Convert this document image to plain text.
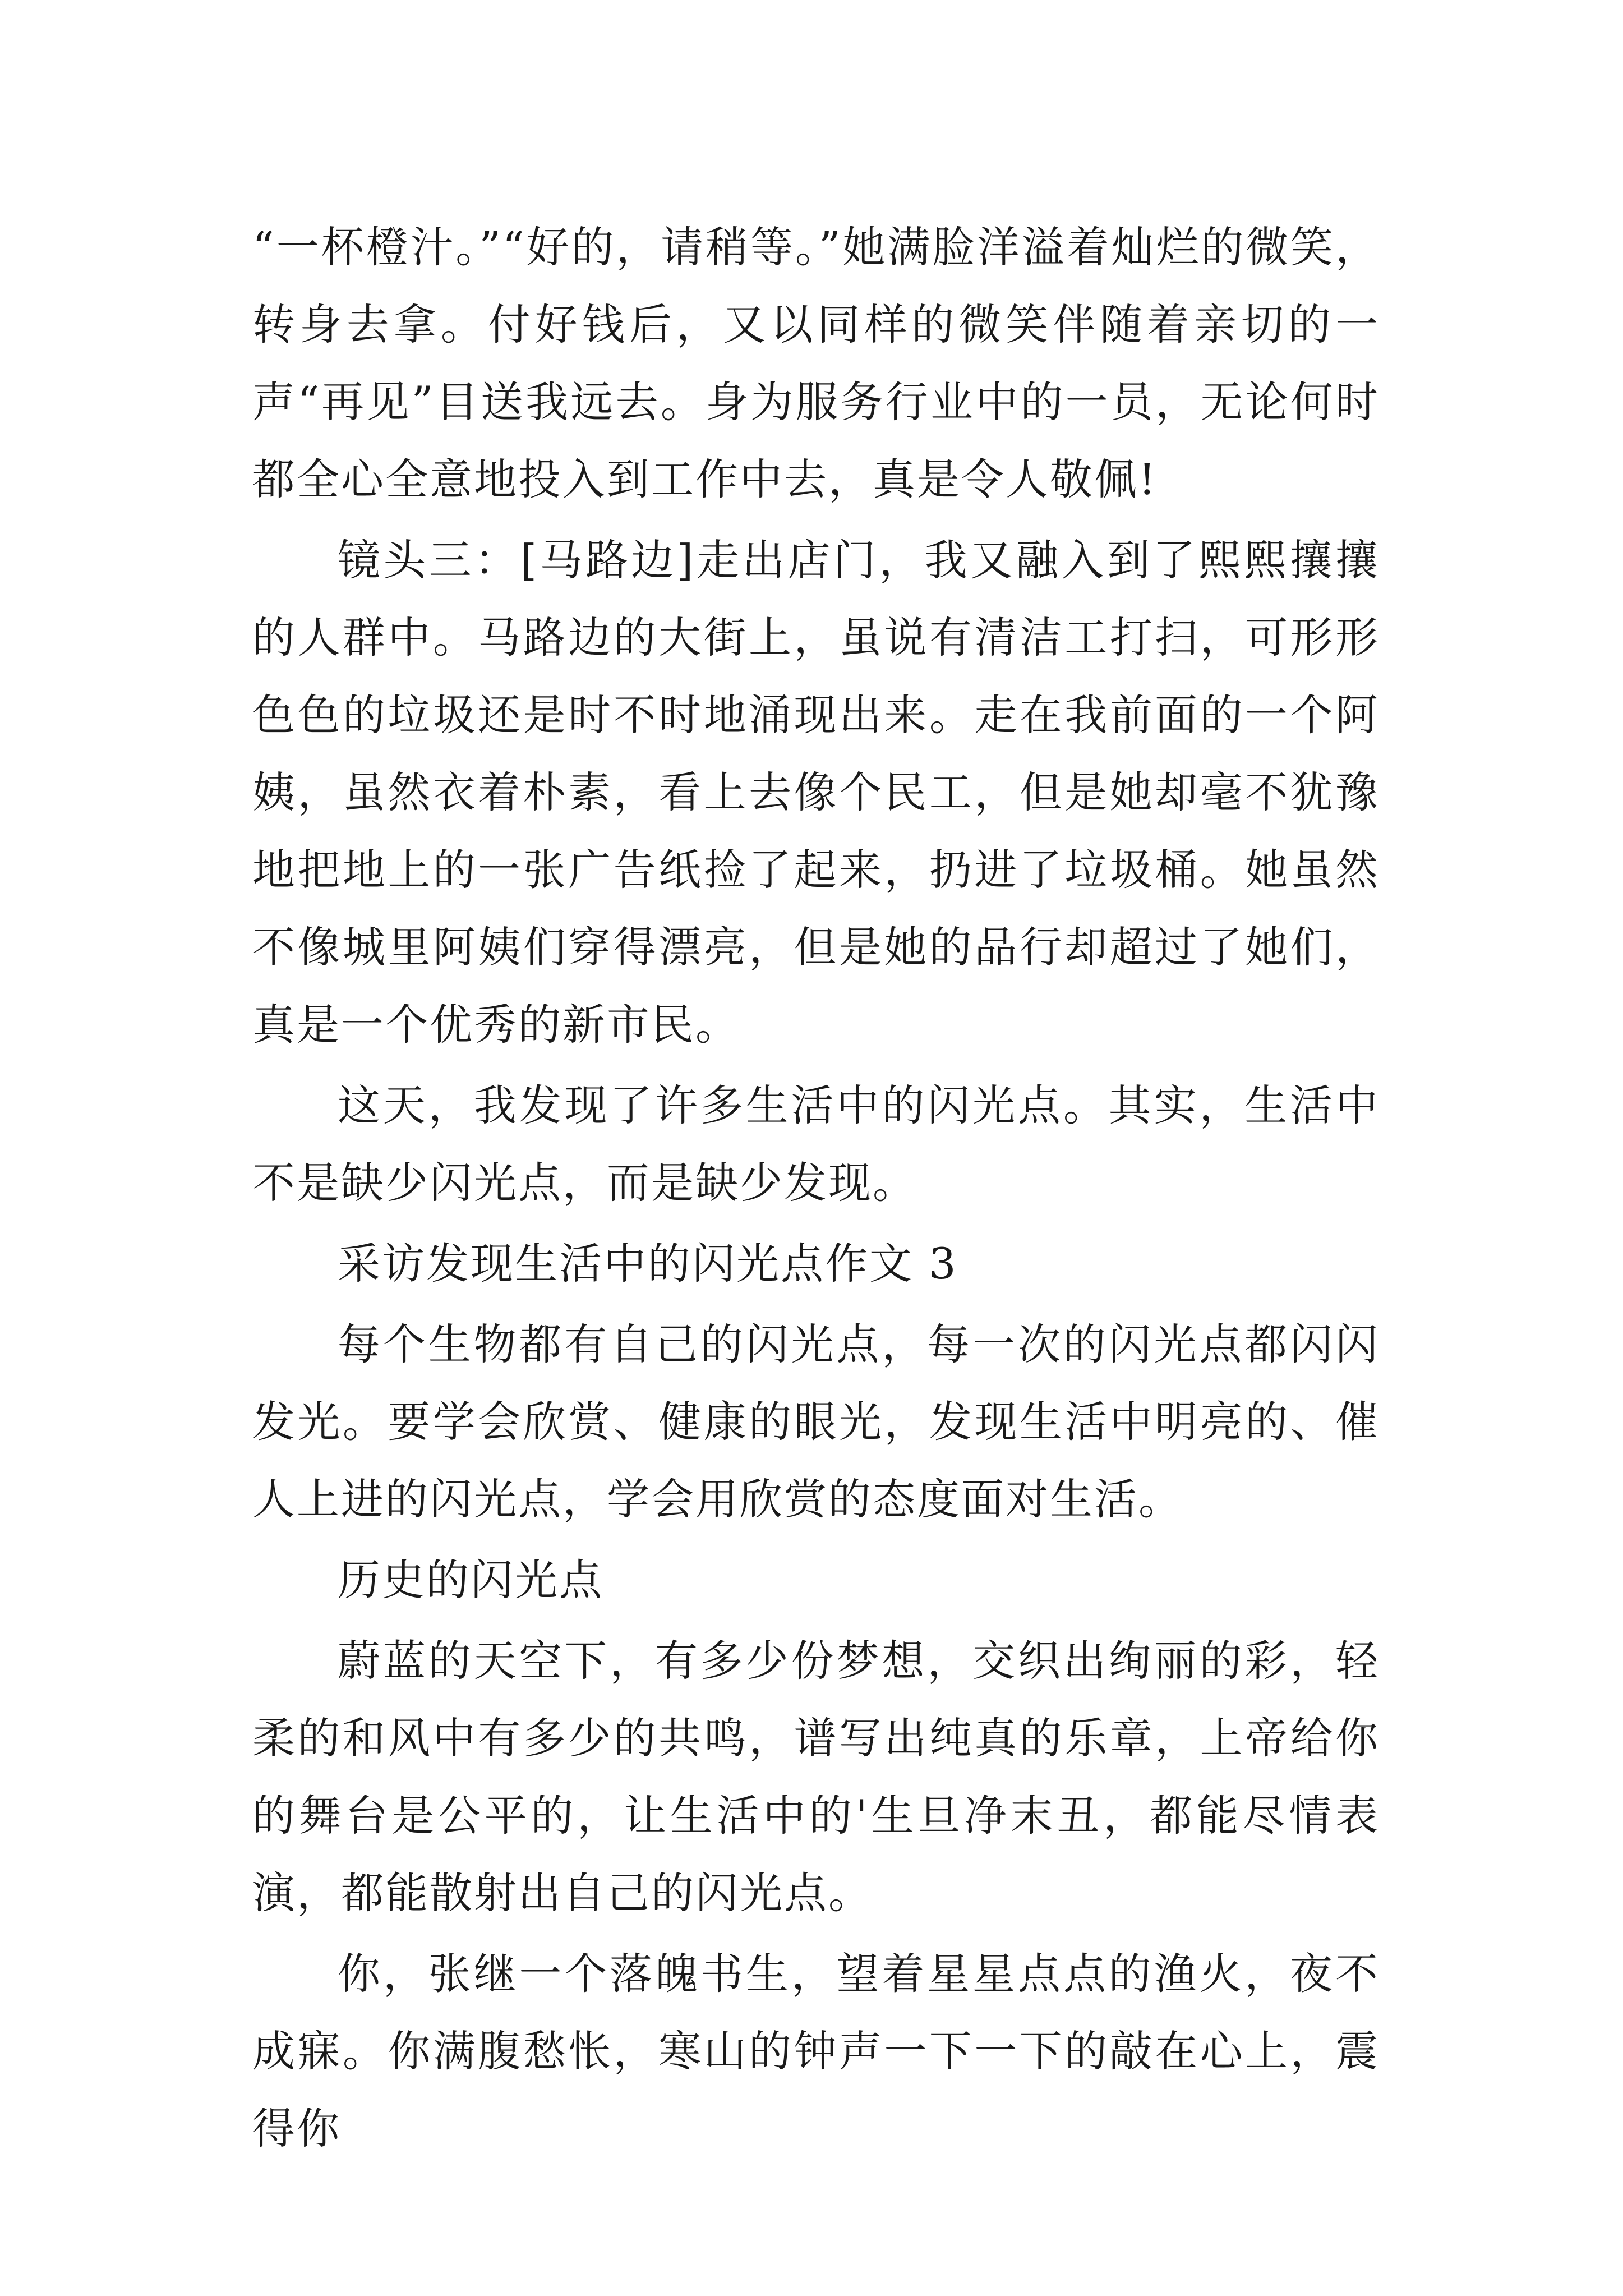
“一杯橙汁。”“好的，请稍等。”她满脸洋溢着灿烂的微笑，转身去拿。付好钱后，又以同样的微笑伴随着亲切的一声“再见”目送我远去。身为服务行业中的一员，无论何时都全心全意地投入到工作中去，真是令人敬佩!

镜头三：[马路边]走出店门，我又融入到了熙熙攘攘的人群中。马路边的大街上，虽说有清洁工打扫，可形形色色的垃圾还是时不时地涌现出来。走在我前面的一个阿姨，虽然衣着朴素，看上去像个民工，但是她却毫不犹豫地把地上的一张广告纸捡了起来，扔进了垃圾桶。她虽然不像城里阿姨们穿得漂亮，但是她的品行却超过了她们，真是一个优秀的新市民。

这天，我发现了许多生活中的闪光点。其实，生活中不是缺少闪光点，而是缺少发现。

采访发现生活中的闪光点作文 3

每个生物都有自己的闪光点，每一次的闪光点都闪闪发光。要学会欣赏、健康的眼光，发现生活中明亮的、催人上进的闪光点，学会用欣赏的态度面对生活。

历史的闪光点

蔚蓝的天空下，有多少份梦想，交织出绚丽的彩，轻柔的和风中有多少的共鸣，谱写出纯真的乐章，上帝给你的舞台是公平的，让生活中的'生旦净末丑，都能尽情表演，都能散射出自己的闪光点。

你，张继一个落魄书生，望着星星点点的渔火，夜不成寐。你满腹愁怅，寒山的钟声一下一下的敲在心上，震得你
